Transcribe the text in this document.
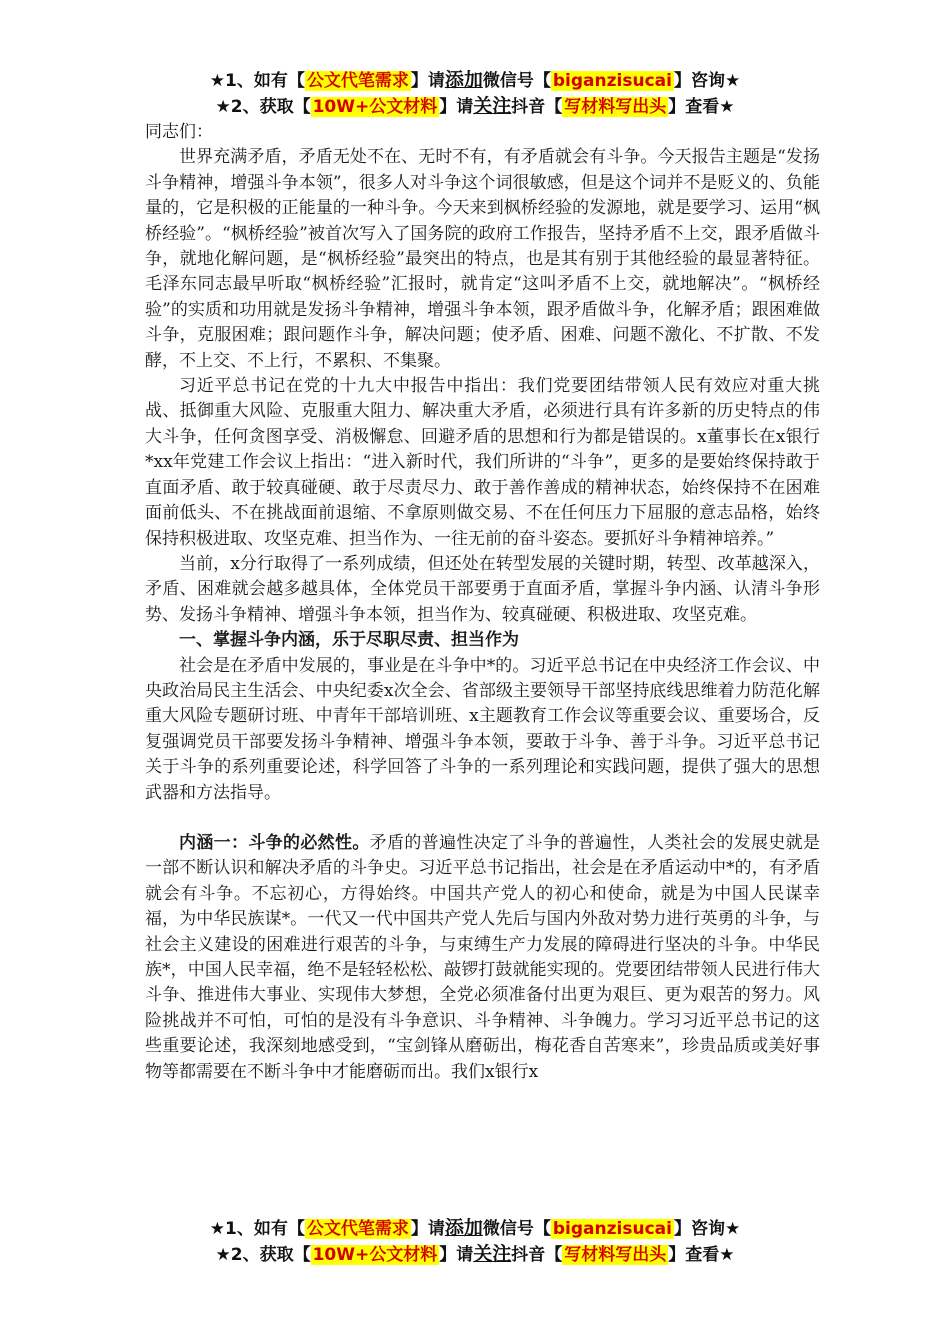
★1、如有【 公文代笔需求 】请添加微信号【 biganzisucai 】咨询★
★2、获取【 10W+公文材料 】请关注抖音【 写材料写出头 】查看★

同志们：

世界充满矛盾，矛盾无处不在、无时不有，有矛盾就会有斗争。今天报告主题是“发扬斗争精神，增强斗争本领”，很多人对斗争这个词很敏感，但是这个词并不是贬义的、负能量的，它是积极的正能量的一种斗争。今天来到枫桥经验的发源地，就是要学习、运用“枫桥经验”。“枫桥经验”被首次写入了国务院的政府工作报告，坚持矛盾不上交，跟矛盾做斗争，就地化解问题，是“枫桥经验”最突出的特点，也是其有别于其他经验的最显著特征。毛泽东同志最早听取“枫桥经验”汇报时，就肯定“这叫矛盾不上交，就地解决”。“枫桥经验”的实质和功用就是发扬斗争精神，增强斗争本领，跟矛盾做斗争，化解矛盾；跟困难做斗争，克服困难；跟问题作斗争，解决问题；使矛盾、困难、问题不激化、不扩散、不发酵，不上交、不上行，不累积、不集聚。

习近平总书记在党的十九大中报告中指出：我们党要团结带领人民有效应对重大挑战、抵御重大风险、克服重大阻力、解决重大矛盾，必须进行具有许多新的历史特点的伟大斗争，任何贪图享受、消极懈怠、回避矛盾的思想和行为都是错误的。x董事长在x银行*xx年党建工作会议上指出：“进入新时代，我们所讲的“斗争”，更多的是要始终保持敢于直面矛盾、敢于较真碰硬、敢于尽责尽力、敢于善作善成的精神状态，始终保持不在困难面前低头、不在挑战面前退缩、不拿原则做交易、不在任何压力下屈服的意志品格，始终保持积极进取、攻坚克难、担当作为、一往无前的奋斗姿态。要抓好斗争精神培养。”

当前，x分行取得了一系列成绩，但还处在转型发展的关键时期，转型、改革越深入，矛盾、困难就会越多越具体，全体党员干部要勇于直面矛盾，掌握斗争内涵、认清斗争形势、发扬斗争精神、增强斗争本领，担当作为、较真碰硬、积极进取、攻坚克难。

一、掌握斗争内涵，乐于尽职尽责、担当作为

社会是在矛盾中发展的，事业是在斗争中*的。习近平总书记在中央经济工作会议、中央政治局民主生活会、中央纪委x次全会、省部级主要领导干部坚持底线思维着力防范化解重大风险专题研讨班、中青年干部培训班、x主题教育工作会议等重要会议、重要场合，反复强调党员干部要发扬斗争精神、增强斗争本领，要敢于斗争、善于斗争。习近平总书记关于斗争的系列重要论述，科学回答了斗争的一系列理论和实践问题，提供了强大的思想武器和方法指导。

内涵一：斗争的必然性。矛盾的普遍性决定了斗争的普遍性，人类社会的发展史就是一部不断认识和解决矛盾的斗争史。习近平总书记指出，社会是在矛盾运动中*的，有矛盾就会有斗争。不忘初心，方得始终。中国共产党人的初心和使命，就是为中国人民谋幸福，为中华民族谋*。一代又一代中国共产党人先后与国内外敌对势力进行英勇的斗争，与社会主义建设的困难进行艰苦的斗争，与束缚生产力发展的障碍进行坚决的斗争。中华民族*，中国人民幸福，绝不是轻轻松松、敲锣打鼓就能实现的。党要团结带领人民进行伟大斗争、推进伟大事业、实现伟大梦想，全党必须准备付出更为艰巨、更为艰苦的努力。风险挑战并不可怕，可怕的是没有斗争意识、斗争精神、斗争魄力。学习习近平总书记的这些重要论述，我深刻地感受到，“宝剑锋从磨砺出，梅花香自苦寒来”，珍贵品质或美好事物等都需要在不断斗争中才能磨砺而出。我们x银行x

★1、如有【 公文代笔需求 】请添加微信号【 biganzisucai 】咨询★
★2、获取【 10W+公文材料 】请关注抖音【 写材料写出头 】查看★
